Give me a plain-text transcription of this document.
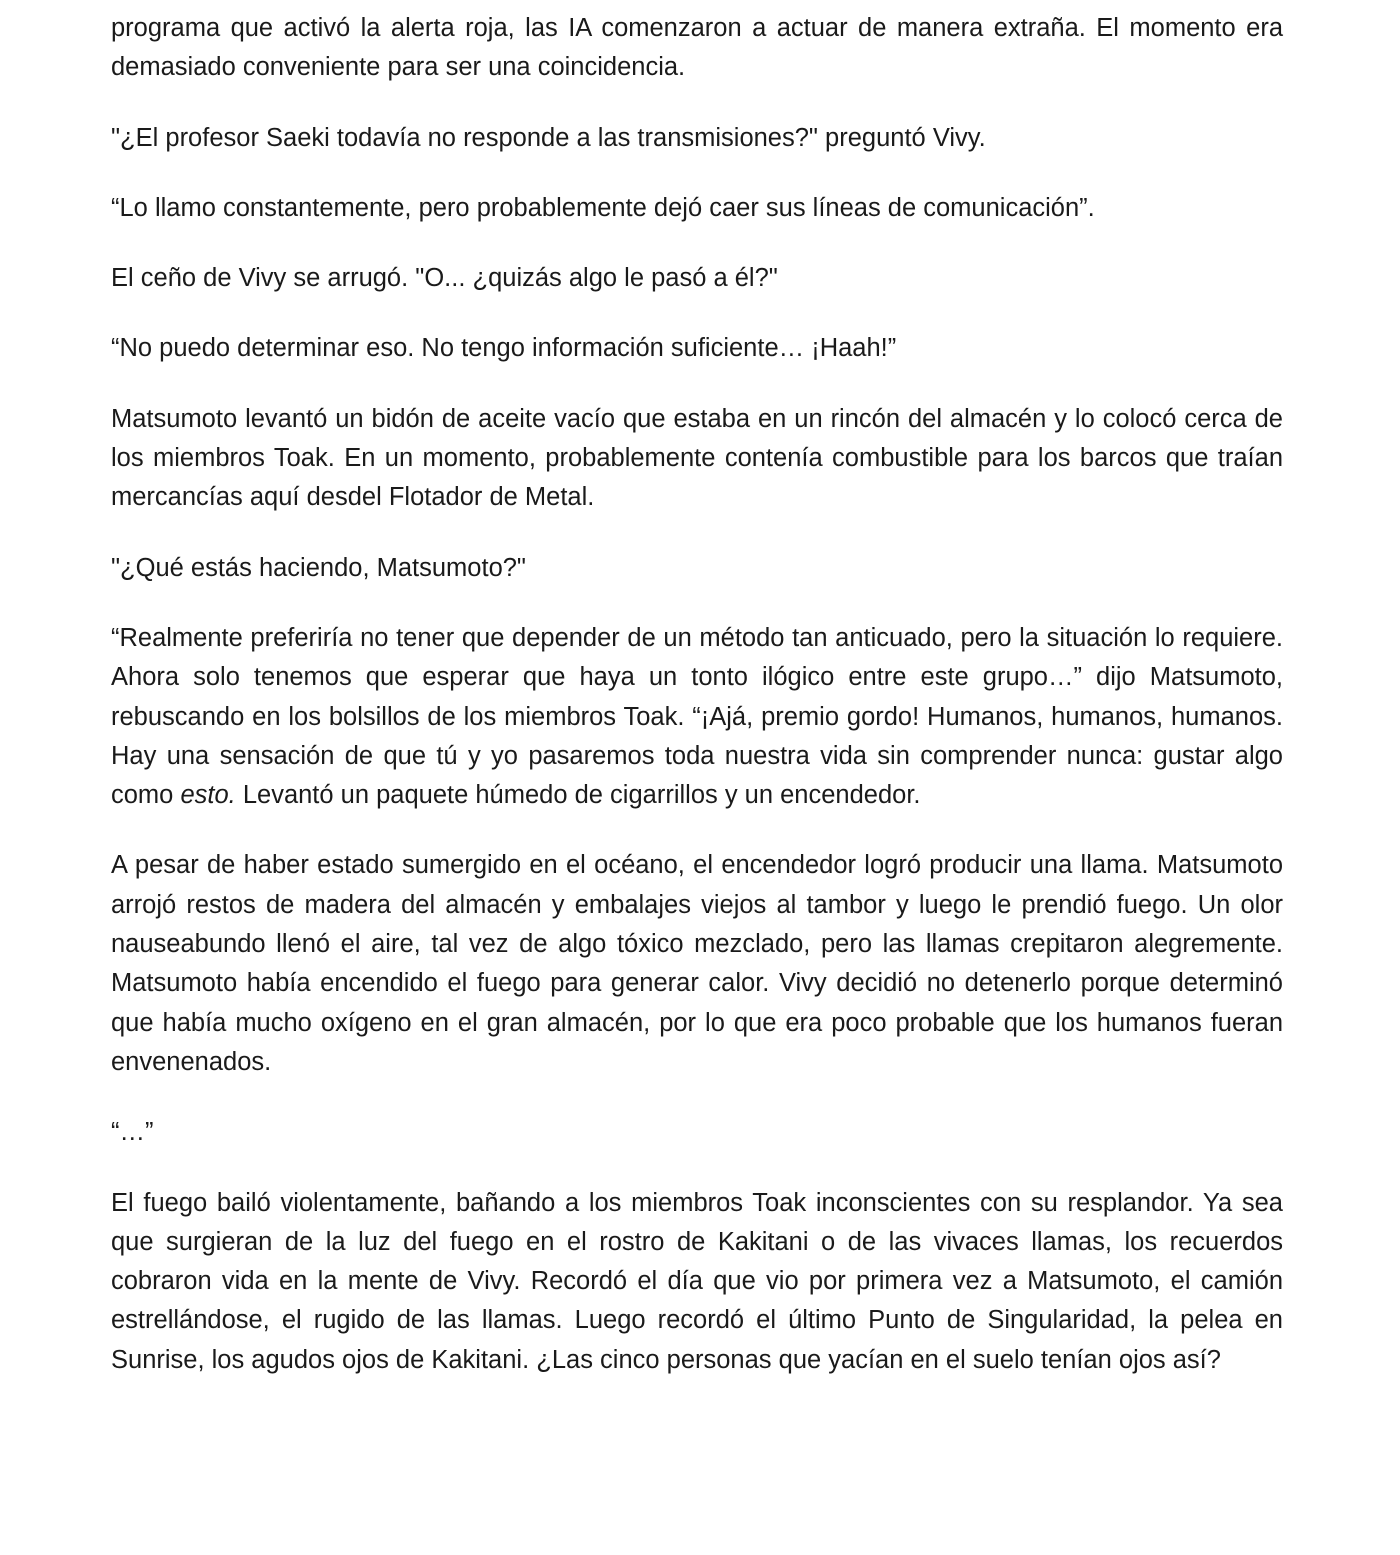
programa que activó la alerta roja, las IA comenzaron a actuar de manera extraña. El momento era demasiado conveniente para ser una coincidencia.

"¿El profesor Saeki todavía no responde a las transmisiones?" preguntó Vivy.

“Lo llamo constantemente, pero probablemente dejó caer sus líneas de comunicación”.

El ceño de Vivy se arrugó. "O... ¿quizás algo le pasó a él?"

“No puedo determinar eso. No tengo información suficiente… ¡Haah!”

Matsumoto levantó un bidón de aceite vacío que estaba en un rincón del almacén y lo colocó cerca de los miembros Toak. En un momento, probablemente contenía combustible para los barcos que traían mercancías aquí desdel Flotador de Metal.

"¿Qué estás haciendo, Matsumoto?"

“Realmente preferiría no tener que depender de un método tan anticuado, pero la situación lo requiere. Ahora solo tenemos que esperar que haya un tonto ilógico entre este grupo…” dijo Matsumoto, rebuscando en los bolsillos de los miembros Toak. “¡Ajá, premio gordo! Humanos, humanos, humanos. Hay una sensación de que tú y yo pasaremos toda nuestra vida sin comprender nunca: gustar algo como esto. Levantó un paquete húmedo de cigarrillos y un encendedor.

A pesar de haber estado sumergido en el océano, el encendedor logró producir una llama. Matsumoto arrojó restos de madera del almacén y embalajes viejos al tambor y luego le prendió fuego. Un olor nauseabundo llenó el aire, tal vez de algo tóxico mezclado, pero las llamas crepitaron alegremente. Matsumoto había encendido el fuego para generar calor. Vivy decidió no detenerlo porque determinó que había mucho oxígeno en el gran almacén, por lo que era poco probable que los humanos fueran envenenados.

“…”

El fuego bailó violentamente, bañando a los miembros Toak inconscientes con su resplandor. Ya sea que surgieran de la luz del fuego en el rostro de Kakitani o de las vivaces llamas, los recuerdos cobraron vida en la mente de Vivy. Recordó el día que vio por primera vez a Matsumoto, el camión estrellándose, el rugido de las llamas. Luego recordó el último Punto de Singularidad, la pelea en Sunrise, los agudos ojos de Kakitani. ¿Las cinco personas que yacían en el suelo tenían ojos así?
